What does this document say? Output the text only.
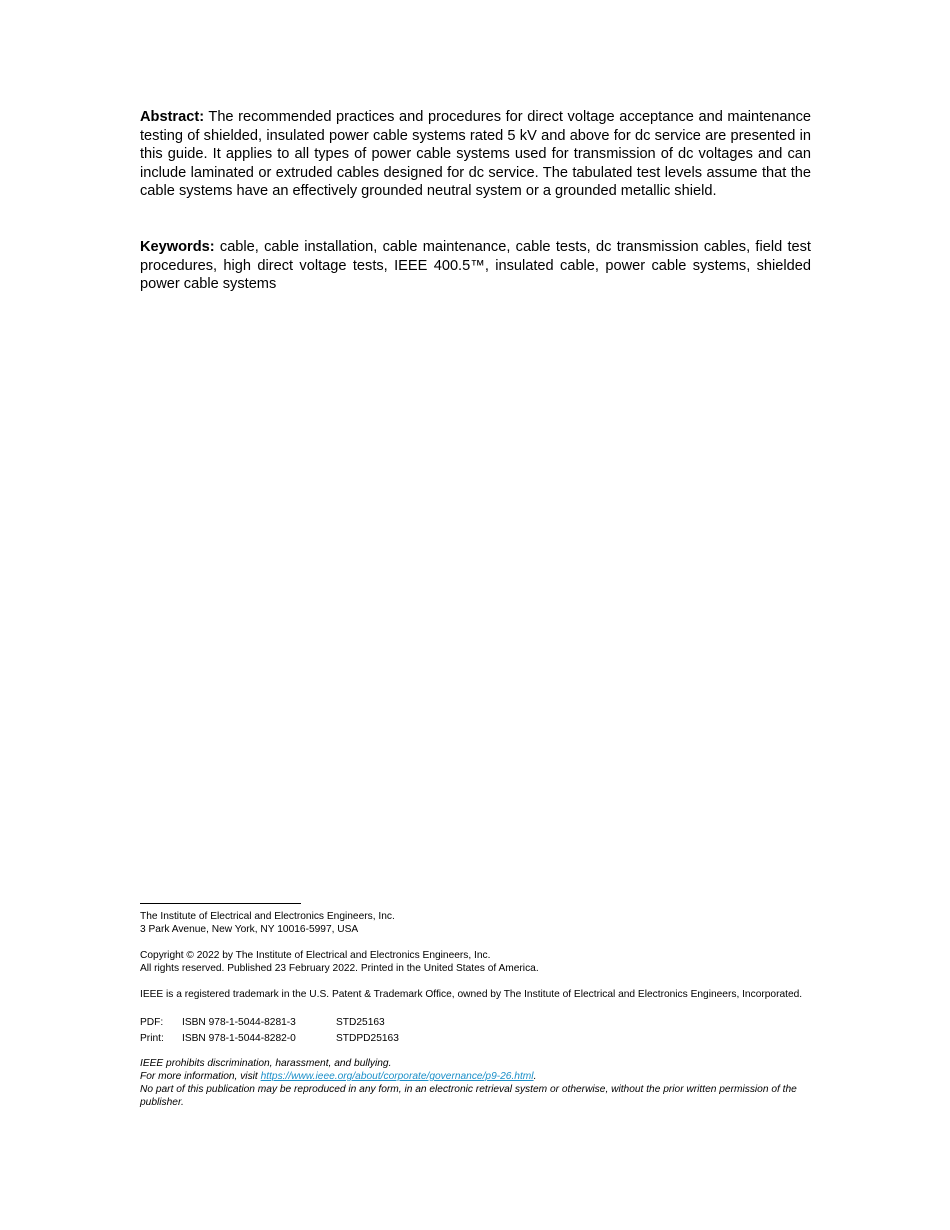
Abstract: The recommended practices and procedures for direct voltage acceptance and maintenance testing of shielded, insulated power cable systems rated 5 kV and above for dc service are presented in this guide. It applies to all types of power cable systems used for transmission of dc voltages and can include laminated or extruded cables designed for dc service. The tabulated test levels assume that the cable systems have an effectively grounded neutral system or a grounded metallic shield.

Keywords: cable, cable installation, cable maintenance, cable tests, dc transmission cables, field test procedures, high direct voltage tests, IEEE 400.5™, insulated cable, power cable systems, shielded power cable systems

The Institute of Electrical and Electronics Engineers, Inc.
3 Park Avenue, New York, NY 10016-5997, USA
Copyright © 2022 by The Institute of Electrical and Electronics Engineers, Inc.
All rights reserved. Published 23 February 2022. Printed in the United States of America.
IEEE is a registered trademark in the U.S. Patent & Trademark Office, owned by The Institute of Electrical and Electronics Engineers, Incorporated.
PDF:	ISBN 978-1-5044-8281-3	STD25163
Print:	ISBN 978-1-5044-8282-0	STDPD25163
IEEE prohibits discrimination, harassment, and bullying.
For more information, visit https://www.ieee.org/about/corporate/governance/p9-26.html.
No part of this publication may be reproduced in any form, in an electronic retrieval system or otherwise, without the prior written permission of the publisher.
